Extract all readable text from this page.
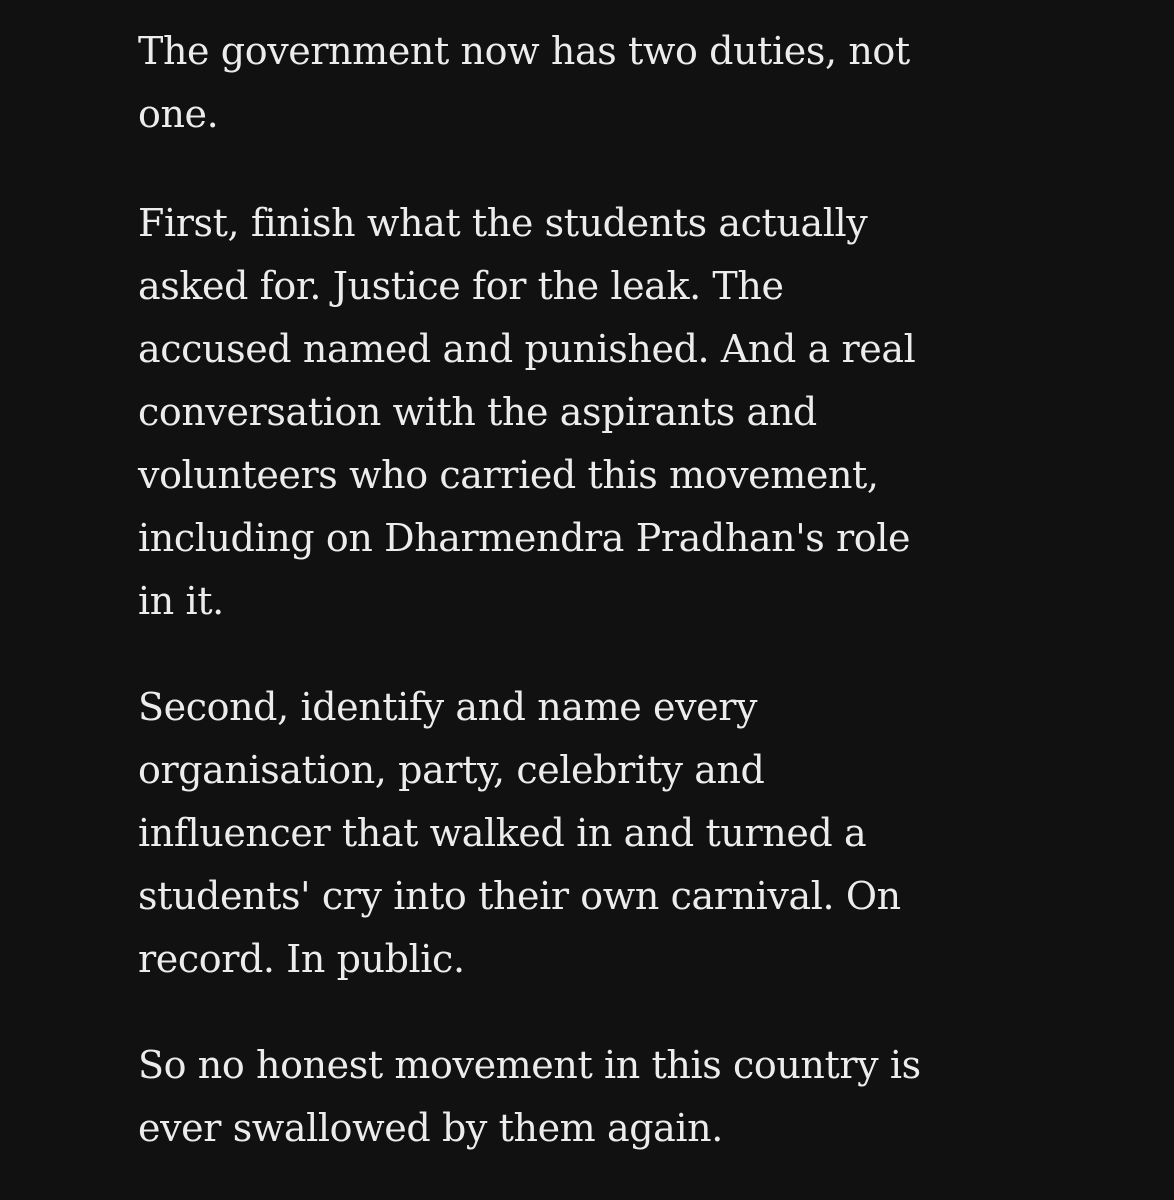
The government now has two duties, not
one.

First, finish what the students actually
asked for. Justice for the leak. The
accused named and punished. And a real
conversation with the aspirants and
volunteers who carried this movement,
including on Dharmendra Pradhan's role
in it.

Second, identify and name every
organisation, party, celebrity and
influencer that walked in and turned a
students' cry into their own carnival. On
record. In public.

So no honest movement in this country is
ever swallowed by them again.
